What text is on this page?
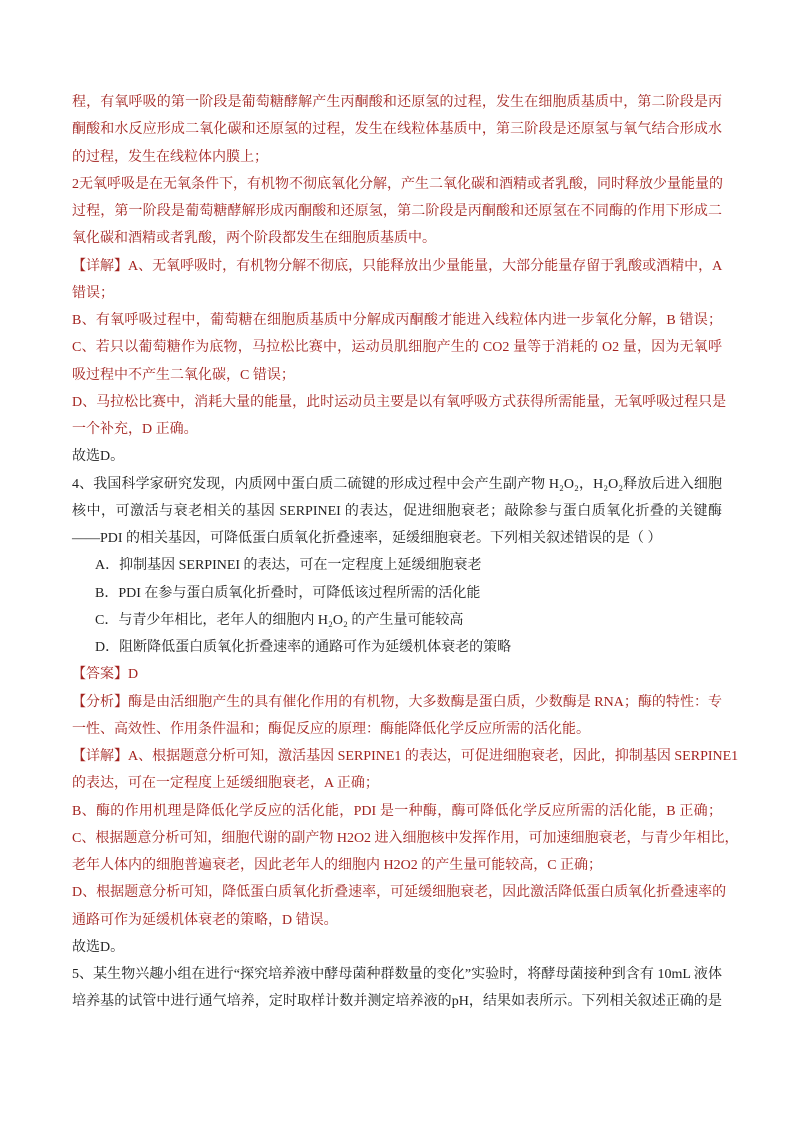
程，有氧呼吸的第一阶段是葡萄糖酵解产生丙酮酸和还原氢的过程，发生在细胞质基质中，第二阶段是丙
酮酸和水反应形成二氧化碳和还原氢的过程，发生在线粒体基质中，第三阶段是还原氢与氧气结合形成水
的过程，发生在线粒体内膜上；
2无氧呼吸是在无氧条件下，有机物不彻底氧化分解，产生二氧化碳和酒精或者乳酸，同时释放少量能量的
过程，第一阶段是葡萄糖酵解形成丙酮酸和还原氢，第二阶段是丙酮酸和还原氢在不同酶的作用下形成二
氧化碳和酒精或者乳酸，两个阶段都发生在细胞质基质中。
【详解】A、无氧呼吸时，有机物分解不彻底，只能释放出少量能量，大部分能量存留于乳酸或酒精中，A
错误；
B、有氧呼吸过程中，葡萄糖在细胞质基质中分解成丙酮酸才能进入线粒体内进一步氧化分解，B 错误；
C、若只以葡萄糖作为底物，马拉松比赛中，运动员肌细胞产生的 CO2 量等于消耗的 O2 量，因为无氧呼
吸过程中不产生二氧化碳，C 错误；
D、马拉松比赛中，消耗大量的能量，此时运动员主要是以有氧呼吸方式获得所需能量，无氧呼吸过程只是
一个补充，D 正确。
故选D。
4、我国科学家研究发现，内质网中蛋白质二硫键的形成过程中会产生副产物 H₂O₂，H₂O₂释放后进入细胞
核中，可激活与衰老相关的基因 SERPINEI 的表达，促进细胞衰老；敲除参与蛋白质氧化折叠的关键酶
——PDI 的相关基因，可降低蛋白质氧化折叠速率，延缓细胞衰老。下列相关叙述错误的是（ ）
A．抑制基因 SERPINEI 的表达，可在一定程度上延缓细胞衰老
B．PDI 在参与蛋白质氧化折叠时，可降低该过程所需的活化能
C．与青少年相比，老年人的细胞内 H₂O₂ 的产生量可能较高
D．阻断降低蛋白质氧化折叠速率的通路可作为延缓机体衰老的策略
【答案】D
【分析】酶是由活细胞产生的具有催化作用的有机物，大多数酶是蛋白质，少数酶是 RNA；酶的特性：专
一性、高效性、作用条件温和；酶促反应的原理：酶能降低化学反应所需的活化能。
【详解】A、根据题意分析可知，激活基因 SERPINE1 的表达，可促进细胞衰老，因此，抑制基因 SERPINE1
的表达，可在一定程度上延缓细胞衰老，A 正确；
B、酶的作用机理是降低化学反应的活化能，PDI 是一种酶，酶可降低化学反应所需的活化能，B 正确；
C、根据题意分析可知，细胞代谢的副产物 H2O2 进入细胞核中发挥作用，可加速细胞衰老，与青少年相比，
老年人体内的细胞普遍衰老，因此老年人的细胞内 H2O2 的产生量可能较高，C 正确；
D、根据题意分析可知，降低蛋白质氧化折叠速率，可延缓细胞衰老，因此激活降低蛋白质氧化折叠速率的
通路可作为延缓机体衰老的策略，D 错误。
故选D。
5、某生物兴趣小组在进行“探究培养液中酵母菌种群数量的变化”实验时，将酵母菌接种到含有 10mL 液体
培养基的试管中进行通气培养，定时取样计数并测定培养液的pH，结果如表所示。下列相关叙述正确的是
